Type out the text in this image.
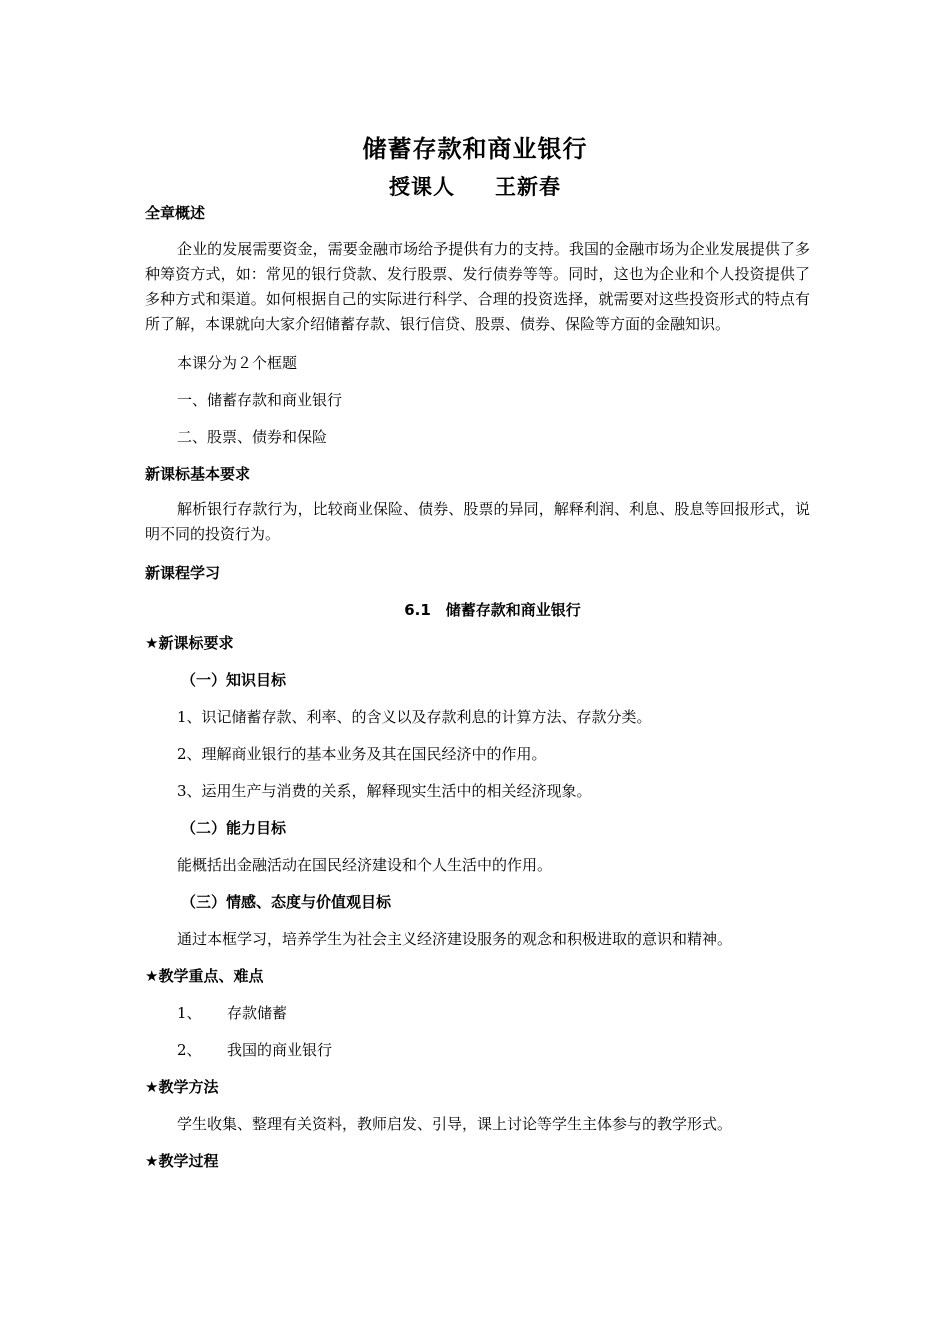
储蓄存款和商业银行
授课人 王新春

全章概述

企业的发展需要资金，需要金融市场给予提供有力的支持。我国的金融市场为企业发展提供了多种筹资方式，如：常见的银行贷款、发行股票、发行债券等等。同时，这也为企业和个人投资提供了多种方式和渠道。如何根据自己的实际进行科学、合理的投资选择，就需要对这些投资形式的特点有所了解，本课就向大家介绍储蓄存款、银行信贷、股票、债券、保险等方面的金融知识。

本课分为２个框题

一、储蓄存款和商业银行

二、股票、债券和保险

新课标基本要求

解析银行存款行为，比较商业保险、债券、股票的异同，解释利润、利息、股息等回报形式，说明不同的投资行为。

新课程学习

6.1　储蓄存款和商业银行

★新课标要求

（一）知识目标

1、识记储蓄存款、利率、的含义以及存款利息的计算方法、存款分类。

2、理解商业银行的基本业务及其在国民经济中的作用。

3、运用生产与消费的关系，解释现实生活中的相关经济现象。

（二）能力目标

能概括出金融活动在国民经济建设和个人生活中的作用。

（三）情感、态度与价值观目标

通过本框学习，培养学生为社会主义经济建设服务的观念和积极进取的意识和精神。

★教学重点、难点

1、 存款储蓄

2、 我国的商业银行

★教学方法

学生收集、整理有关资料，教师启发、引导，课上讨论等学生主体参与的教学形式。

★教学过程
